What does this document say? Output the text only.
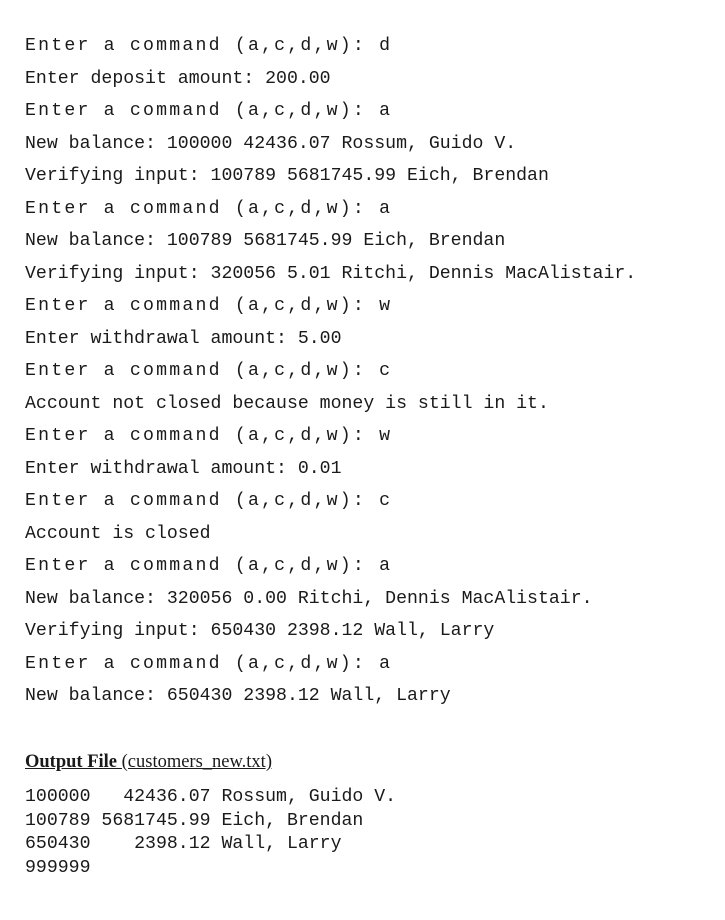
Enter a command (a,c,d,w): d
Enter deposit amount: 200.00
Enter a command (a,c,d,w): a
New balance: 100000 42436.07 Rossum, Guido V.
Verifying input: 100789 5681745.99 Eich, Brendan
Enter a command (a,c,d,w): a
New balance: 100789 5681745.99 Eich, Brendan
Verifying input: 320056 5.01 Ritchi, Dennis MacAlistair.
Enter a command (a,c,d,w): w
Enter withdrawal amount: 5.00
Enter a command (a,c,d,w): c
Account not closed because money is still in it.
Enter a command (a,c,d,w): w
Enter withdrawal amount: 0.01
Enter a command (a,c,d,w): c
Account is closed
Enter a command (a,c,d,w): a
New balance: 320056 0.00 Ritchi, Dennis MacAlistair.
Verifying input: 650430 2398.12 Wall, Larry
Enter a command (a,c,d,w): a
New balance: 650430 2398.12 Wall, Larry
Output File (customers_new.txt)
100000   42436.07 Rossum, Guido V.
100789 5681745.99 Eich, Brendan
650430    2398.12 Wall, Larry
999999
